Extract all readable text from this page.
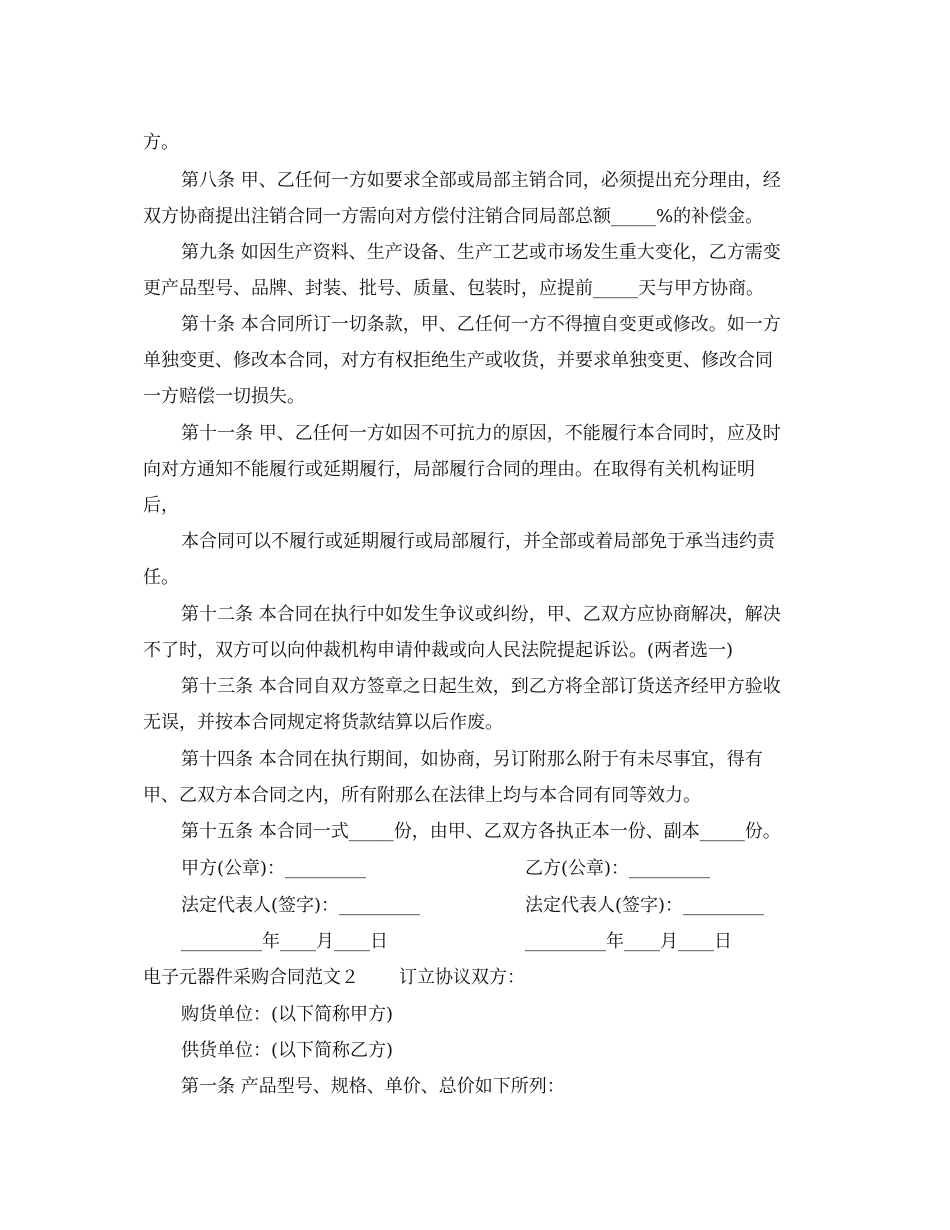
方。
第八条 甲、乙任何一方如要求全部或局部主销合同，必须提出充分理由，经
双方协商提出注销合同一方需向对方偿付注销合同局部总额_____%的补偿金。
第九条 如因生产资料、生产设备、生产工艺或市场发生重大变化，乙方需变
更产品型号、品牌、封装、批号、质量、包装时，应提前_____天与甲方协商。
第十条 本合同所订一切条款，甲、乙任何一方不得擅自变更或修改。如一方
单独变更、修改本合同，对方有权拒绝生产或收货，并要求单独变更、修改合同
一方赔偿一切损失。
第十一条 甲、乙任何一方如因不可抗力的原因，不能履行本合同时，应及时
向对方通知不能履行或延期履行，局部履行合同的理由。在取得有关机构证明
后，
本合同可以不履行或延期履行或局部履行，并全部或着局部免于承当违约责
任。
第十二条 本合同在执行中如发生争议或纠纷，甲、乙双方应协商解决，解决
不了时，双方可以向仲裁机构申请仲裁或向人民法院提起诉讼。(两者选一)
第十三条 本合同自双方签章之日起生效，到乙方将全部订货送齐经甲方验收
无误，并按本合同规定将货款结算以后作废。
第十四条 本合同在执行期间，如协商，另订附那么附于有未尽事宜，得有
甲、乙双方本合同之内，所有附那么在法律上均与本合同有同等效力。
第十五条 本合同一式_____份，由甲、乙双方各执正本一份、副本_____份。
甲方(公章)：_________	乙方(公章)：_________
法定代表人(签字)：_________	法定代表人(签字)：_________
_________年____月____日	_________年____月____日
电子元器件采购合同范文２ 订立协议双方：
购货单位：(以下简称甲方)
供货单位：(以下简称乙方)
第一条 产品型号、规格、单价、总价如下所列：
